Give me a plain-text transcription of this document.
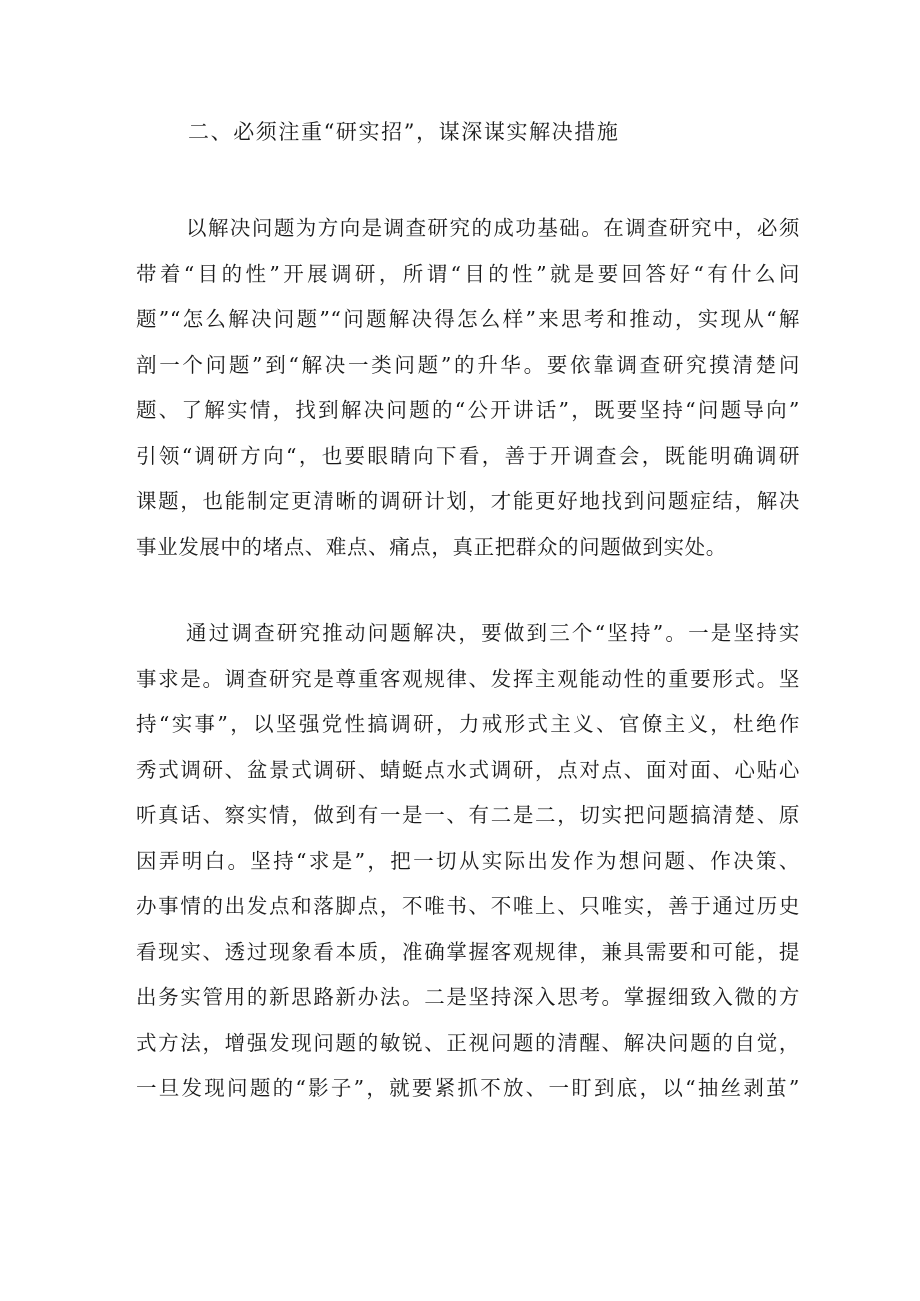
二、必须注重“研实招”，谋深谋实解决措施
以解决问题为方向是调查研究的成功基础。在调查研究中，必须
带着“目的性”开展调研，所谓“目的性”就是要回答好“有什么问
题”“怎么解决问题”“问题解决得怎么样”来思考和推动，实现从“解
剖一个问题”到“解决一类问题”的升华。要依靠调查研究摸清楚问
题、了解实情，找到解决问题的“公开讲话”，既要坚持“问题导向”
引领“调研方向“，也要眼睛向下看，善于开调查会，既能明确调研
课题，也能制定更清晰的调研计划，才能更好地找到问题症结，解决
事业发展中的堵点、难点、痛点，真正把群众的问题做到实处。
通过调查研究推动问题解决，要做到三个“坚持”。一是坚持实
事求是。调查研究是尊重客观规律、发挥主观能动性的重要形式。坚
持“实事”，以坚强党性搞调研，力戒形式主义、官僚主义，杜绝作
秀式调研、盆景式调研、蜻蜓点水式调研，点对点、面对面、心贴心
听真话、察实情，做到有一是一、有二是二，切实把问题搞清楚、原
因弄明白。坚持“求是”，把一切从实际出发作为想问题、作决策、
办事情的出发点和落脚点，不唯书、不唯上、只唯实，善于通过历史
看现实、透过现象看本质，准确掌握客观规律，兼具需要和可能，提
出务实管用的新思路新办法。二是坚持深入思考。掌握细致入微的方
式方法，增强发现问题的敏锐、正视问题的清醒、解决问题的自觉，
一旦发现问题的“影子”，就要紧抓不放、一盯到底，以“抽丝剥茧”
